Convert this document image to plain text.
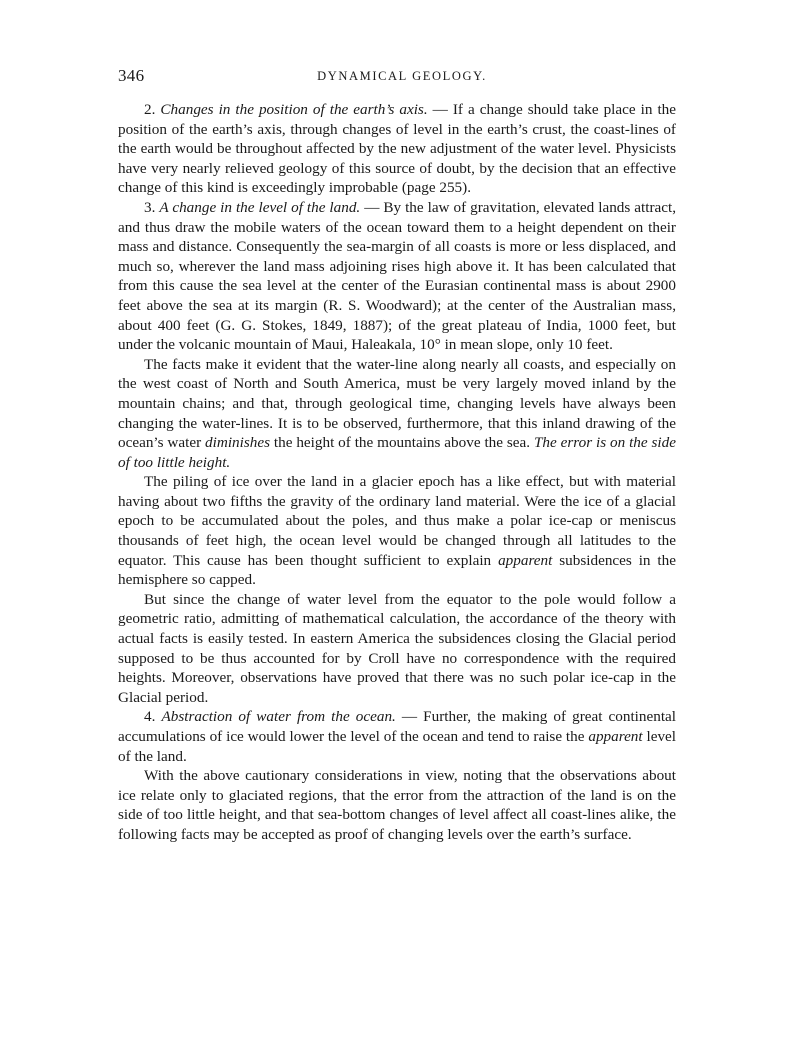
346	DYNAMICAL GEOLOGY.

2. Changes in the position of the earth’s axis. — If a change should take place in the position of the earth’s axis, through changes of level in the earth’s crust, the coast-lines of the earth would be throughout affected by the new adjustment of the water level. Physicists have very nearly relieved geology of this source of doubt, by the decision that an effective change of this kind is exceedingly improbable (page 255).

3. A change in the level of the land. — By the law of gravitation, elevated lands attract, and thus draw the mobile waters of the ocean toward them to a height dependent on their mass and distance. Consequently the sea-margin of all coasts is more or less displaced, and much so, wherever the land mass adjoining rises high above it. It has been calculated that from this cause the sea level at the center of the Eurasian continental mass is about 2900 feet above the sea at its margin (R. S. Woodward); at the center of the Australian mass, about 400 feet (G. G. Stokes, 1849, 1887); of the great plateau of India, 1000 feet, but under the volcanic mountain of Maui, Haleakala, 10° in mean slope, only 10 feet.

The facts make it evident that the water-line along nearly all coasts, and especially on the west coast of North and South America, must be very largely moved inland by the mountain chains; and that, through geological time, changing levels have always been changing the water-lines. It is to be observed, furthermore, that this inland drawing of the ocean’s water diminishes the height of the mountains above the sea. The error is on the side of too little height.

The piling of ice over the land in a glacier epoch has a like effect, but with material having about two fifths the gravity of the ordinary land material. Were the ice of a glacial epoch to be accumulated about the poles, and thus make a polar ice-cap or meniscus thousands of feet high, the ocean level would be changed through all latitudes to the equator. This cause has been thought sufficient to explain apparent subsidences in the hemisphere so capped.

But since the change of water level from the equator to the pole would follow a geometric ratio, admitting of mathematical calculation, the accordance of the theory with actual facts is easily tested. In eastern America the subsidences closing the Glacial period supposed to be thus accounted for by Croll have no correspondence with the required heights. Moreover, observations have proved that there was no such polar ice-cap in the Glacial period.

4. Abstraction of water from the ocean. — Further, the making of great continental accumulations of ice would lower the level of the ocean and tend to raise the apparent level of the land.

With the above cautionary considerations in view, noting that the observations about ice relate only to glaciated regions, that the error from the attraction of the land is on the side of too little height, and that sea-bottom changes of level affect all coast-lines alike, the following facts may be accepted as proof of changing levels over the earth’s surface.
